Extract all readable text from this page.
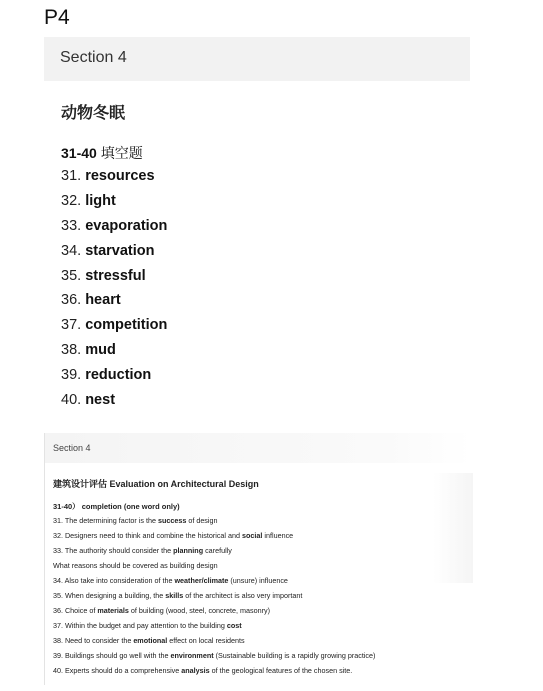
P4
Section 4
动物冬眠
31-40 填空题
31. resources
32. light
33. evaporation
34. starvation
35. stressful
36. heart
37. competition
38. mud
39. reduction
40. nest
Section 4
建筑设计评估 Evaluation on Architectural Design
31-40） completion (one word only)
31. The determining factor is the success of design
32. Designers need to think and combine the historical and social influence
33. The authority should consider the planning carefully
What reasons should be covered as building design
34. Also take into consideration of the weather/climate (unsure) influence
35. When designing a building, the skills of the architect is also very important
36. Choice of materials of building (wood, steel, concrete, masonry)
37. Within the budget and pay attention to the building cost
38. Need to consider the emotional effect on local residents
39. Buildings should go well with the environment (Sustainable building is a rapidly growing practice)
40. Experts should do a comprehensive analysis of the geological features of the chosen site.
